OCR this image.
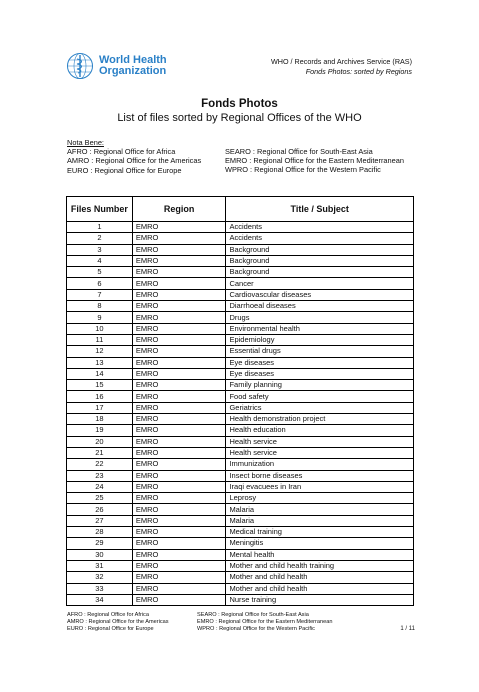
World Health
Organization
WHO / Records and Archives Service (RAS)
Fonds Photos: sorted by Regions
Fonds Photos
List of files sorted by Regional Offices of the WHO
Nota Bene:
AFRO : Regional Office for Africa
AMRO : Regional Office for the Americas
EURO : Regional Office for Europe
SEARO : Regional Office for South-East Asia
EMRO : Regional Office for the Eastern Mediterranean
WPRO : Regional Office for the Western Pacific
Files Number	Region	Title / Subject
1	EMRO	Accidents
2	EMRO	Accidents
3	EMRO	Background
4	EMRO	Background
5	EMRO	Background
6	EMRO	Cancer
7	EMRO	Cardiovascular diseases
8	EMRO	Diarrhoeal diseases
9	EMRO	Drugs
10	EMRO	Environmental health
11	EMRO	Epidemiology
12	EMRO	Essential drugs
13	EMRO	Eye diseases
14	EMRO	Eye diseases
15	EMRO	Family planning
16	EMRO	Food safety
17	EMRO	Geriatrics
18	EMRO	Health demonstration project
19	EMRO	Health education
20	EMRO	Health service
21	EMRO	Health service
22	EMRO	Immunization
23	EMRO	Insect borne diseases
24	EMRO	Iraqi evacuees in Iran
25	EMRO	Leprosy
26	EMRO	Malaria
27	EMRO	Malaria
28	EMRO	Medical training
29	EMRO	Meningitis
30	EMRO	Mental health
31	EMRO	Mother and child health training
32	EMRO	Mother and child health
33	EMRO	Mother and child health
34	EMRO	Nurse training
AFRO : Regional Office for Africa
AMRO : Regional Office for the Americas
EURO : Regional Office for Europe
SEARO : Regional Office for South-East Asia
EMRO : Regional Office for the Eastern Mediterranean
WPRO : Regional Office for the Western Pacific	1 / 11
